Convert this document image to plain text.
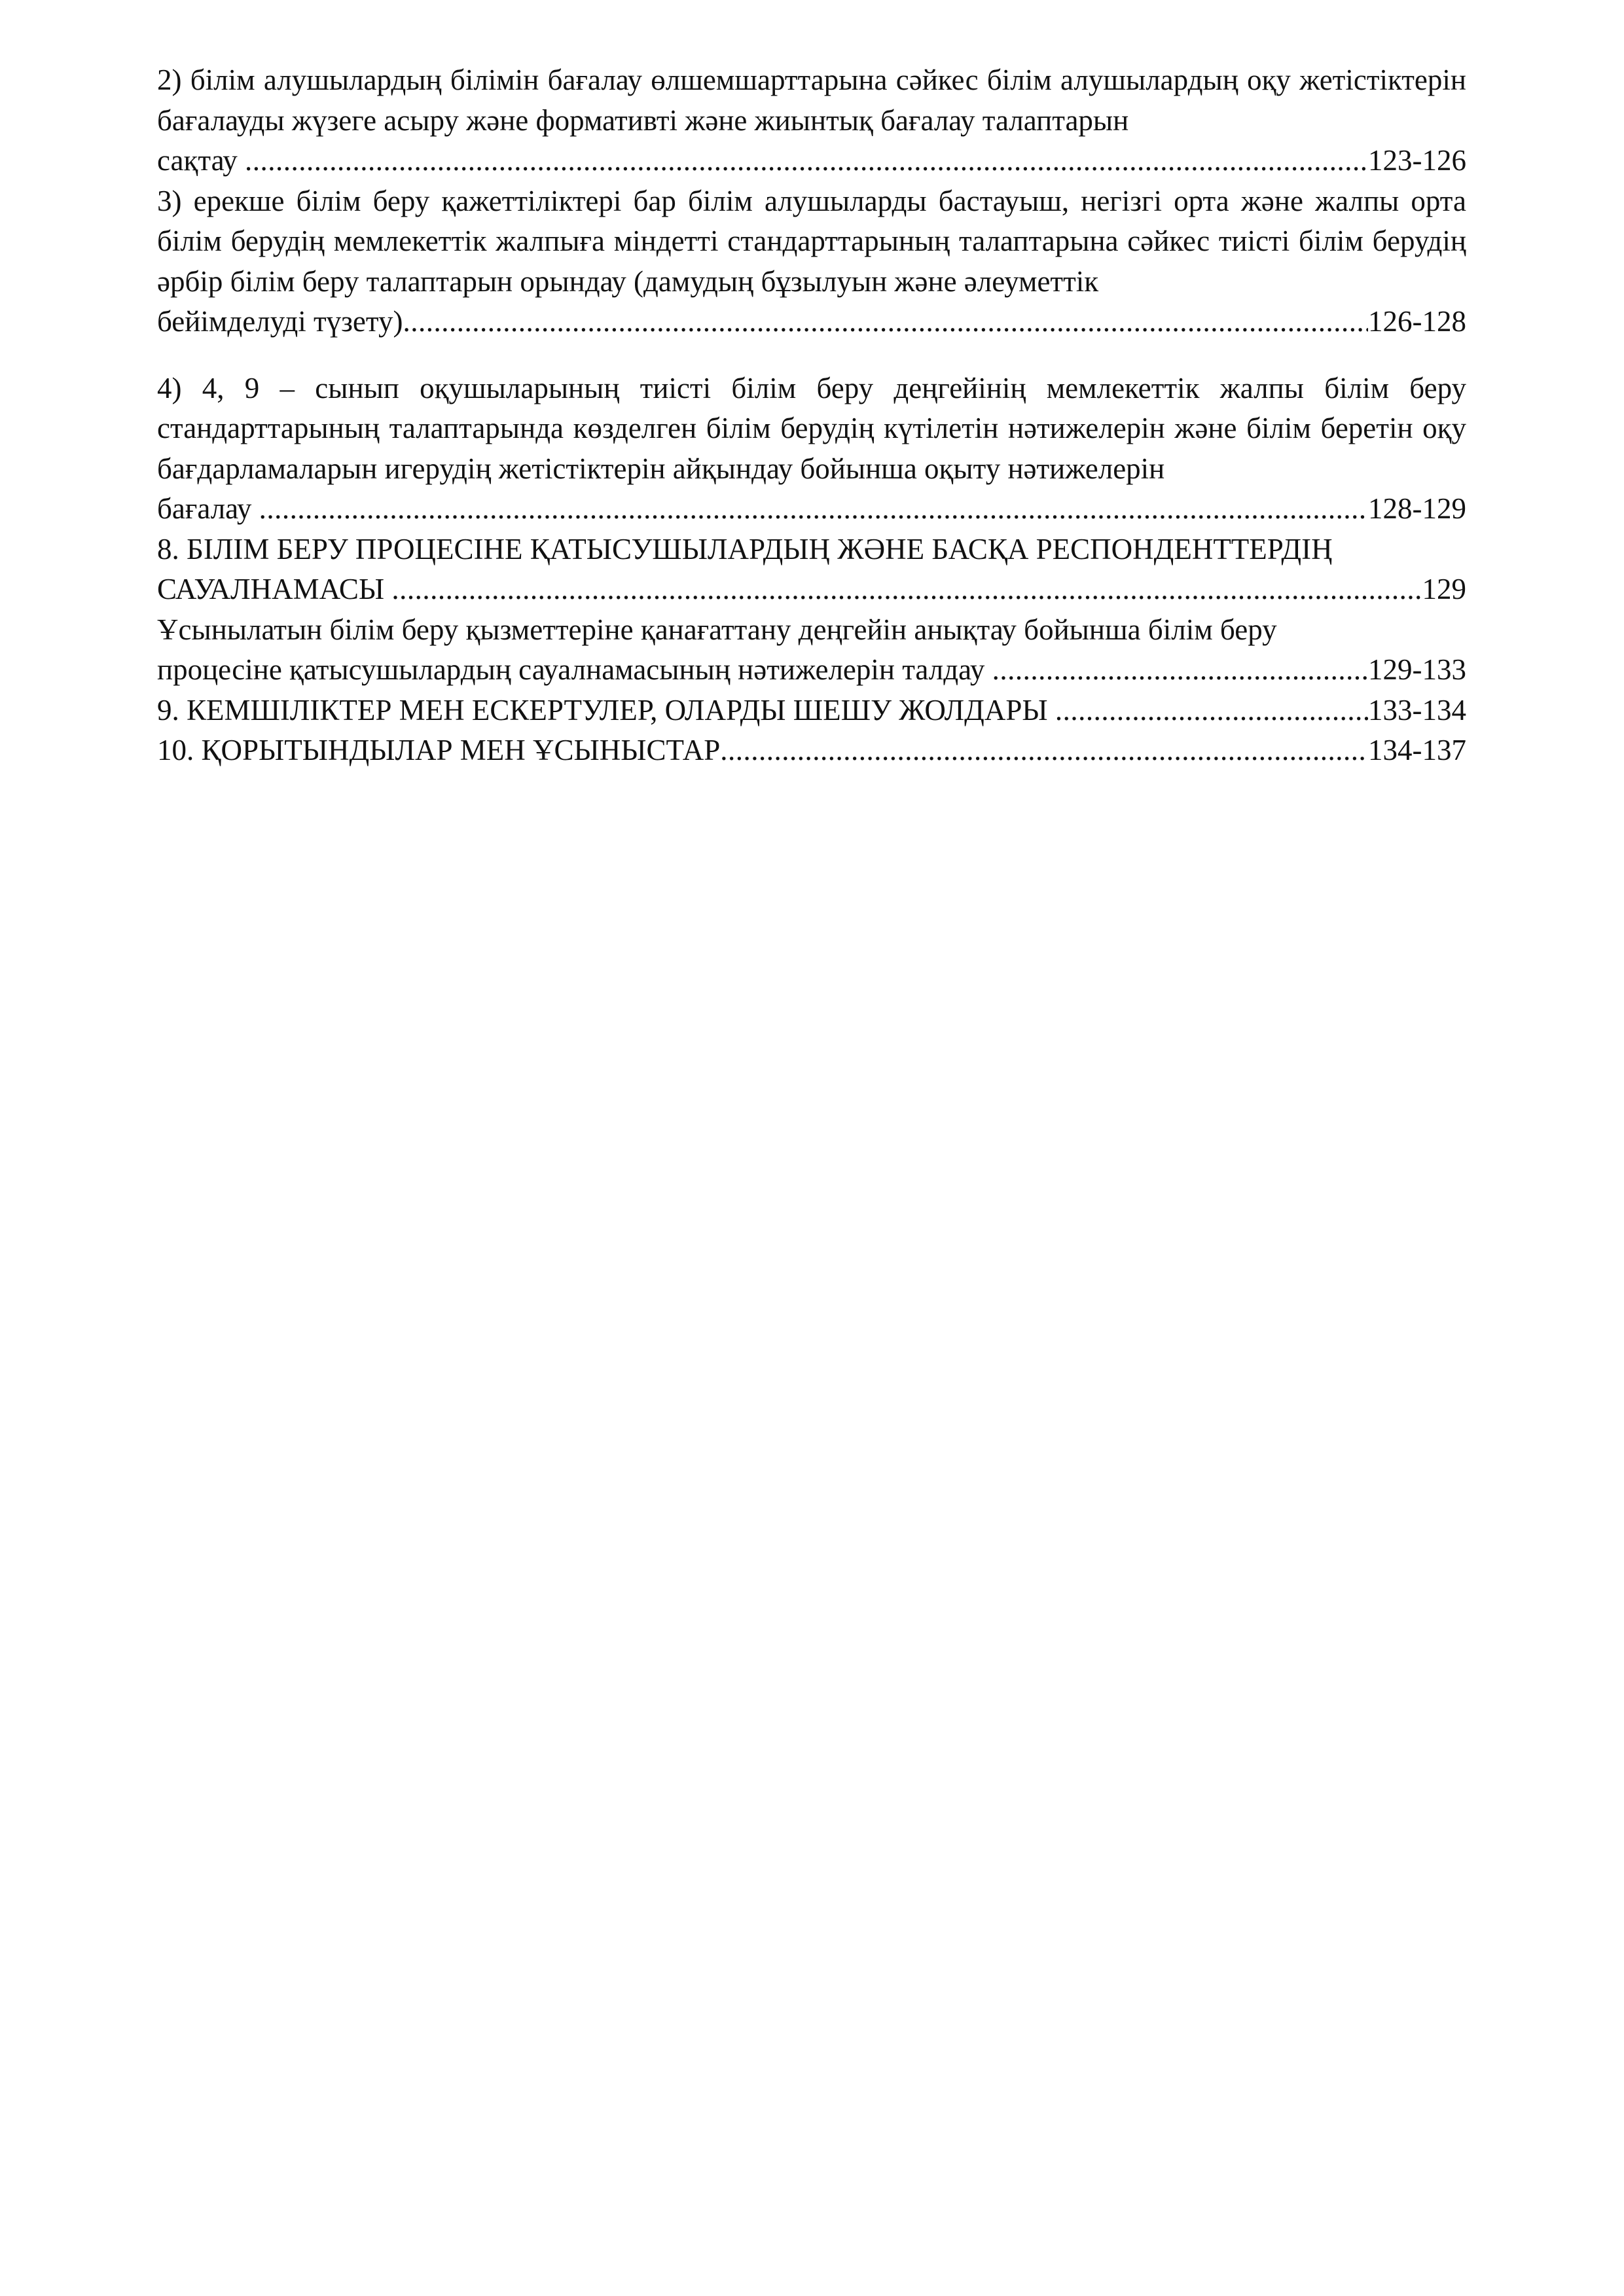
2) білім алушылардың білімін бағалау өлшемшарттарына сәйкес білім алушылардың оқу жетістіктерін бағалауды жүзеге асыру және формативті және жиынтық бағалау талаптарын
сақтау .....	123-126
3) ерекше білім беру қажеттіліктері бар білім алушыларды бастауыш, негізгі орта және жалпы орта білім берудің мемлекеттік жалпыға міндетті стандарттарының талаптарына сәйкес тиісті білім берудің әрбір білім беру талаптарын орындау (дамудың бұзылуын және әлеуметтік
бейімделуді түзету) .....	126-128
4) 4, 9 – сынып оқушыларының тиісті білім беру деңгейінің мемлекеттік жалпы білім беру стандарттарының талаптарында көзделген білім берудің күтілетін нәтижелерін және білім беретін оқу бағдарламаларын игерудің жетістіктерін айқындау бойынша оқыту нәтижелерін
бағалау .....	128-129
8. БІЛІМ БЕРУ ПРОЦЕСІНЕ ҚАТЫСУШЫЛАРДЫҢ ЖӘНЕ БАСҚА РЕСПОНДЕНТТЕРДІҢ
САУАЛНАМАСЫ .....	129
Ұсынылатын білім беру қызметтеріне қанағаттану деңгейін анықтау бойынша білім беру
процесіне қатысушылардың сауалнамасының нәтижелерін талдау .....	129-133
9. КЕМШІЛІКТЕР МЕН ЕСКЕРТУЛЕР, ОЛАРДЫ ШЕШУ ЖОЛДАРЫ .....	133-134
10. ҚОРЫТЫНДЫЛАР МЕН ҰСЫНЫСТАР .....	134-137
